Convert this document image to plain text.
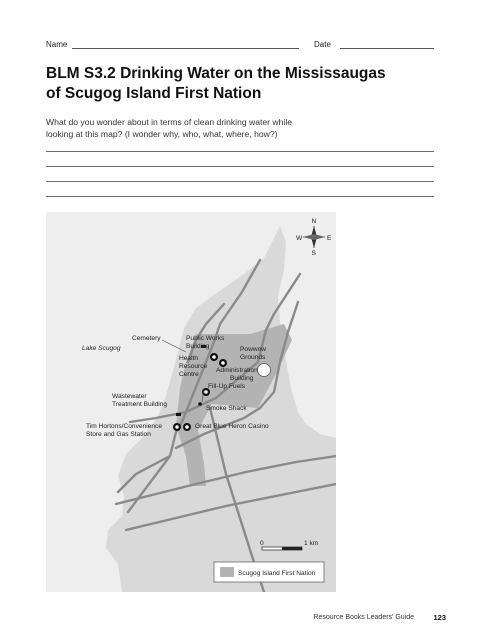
Name	Date
BLM S3.2 Drinking Water on the Mississaugas
of Scugog Island First Nation
What do you wonder about in terms of clean drinking water while
looking at this map? (I wonder why, who, what, where, how?)
Lake Scugog
Cemetery	Public Works
Building
Health
Resource
Centre
Powwow
Grounds
Administration
Building
Fill-Up Fuels
Wastewater
Treatment Building
Smoke Shack
Tim Hortons/Convenience
Store and Gas Station
Great Blue Heron Casino
N
S
E
W
0	1 km
Scugog Island First Nation
Resource Books Leaders' Guide	123
